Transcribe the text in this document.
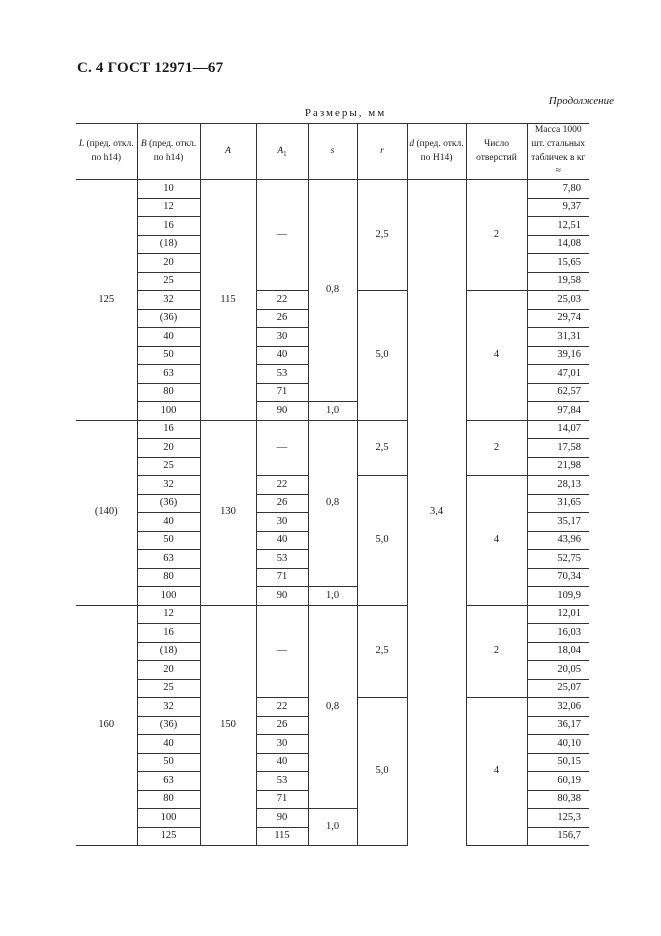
С. 4 ГОСТ 12971—67
Продолжение
Размеры, мм
L (пред. откл. по h14)	B (пред. откл. по h14)	A	$A_1$	s	r	d (пред. откл. по H14)	Число отверстий	Масса 1000 шт. стальных табличек в кг ≈
125	10	115	—	0,8	2,5		2	7,80
	12							9,37
	16							12,51
	(18)							14,08
	20							15,65
	25							19,58
	32		22		5,0		4	25,03
	(36)		26					29,74
	40		30					31,31
	50		40					39,16
	63		53					47,01
	80		71					62,57
	100		90	1,0				97,84
(140)	16	130	—	0,8	2,5	3,4	2	14,07
	20							17,58
	25							21,98
	32		22		5,0		4	28,13
	(36)		26					31,65
	40		30					35,17
	50		40					43,96
	63		53					52,75
	80		71					70,34
	100		90	1,0				109,9
160	12	150	—	0,8	2,5		2	12,01
	16							16,03
	(18)							18,04
	20							20,05
	25							25,07
	32		22		5,0		4	32,06
	(36)		26					36,17
	40		30					40,10
	50		40					50,15
	63		53					60,19
	80		71					80,38
	100		90	1,0				125,3
	125		115					156,7
